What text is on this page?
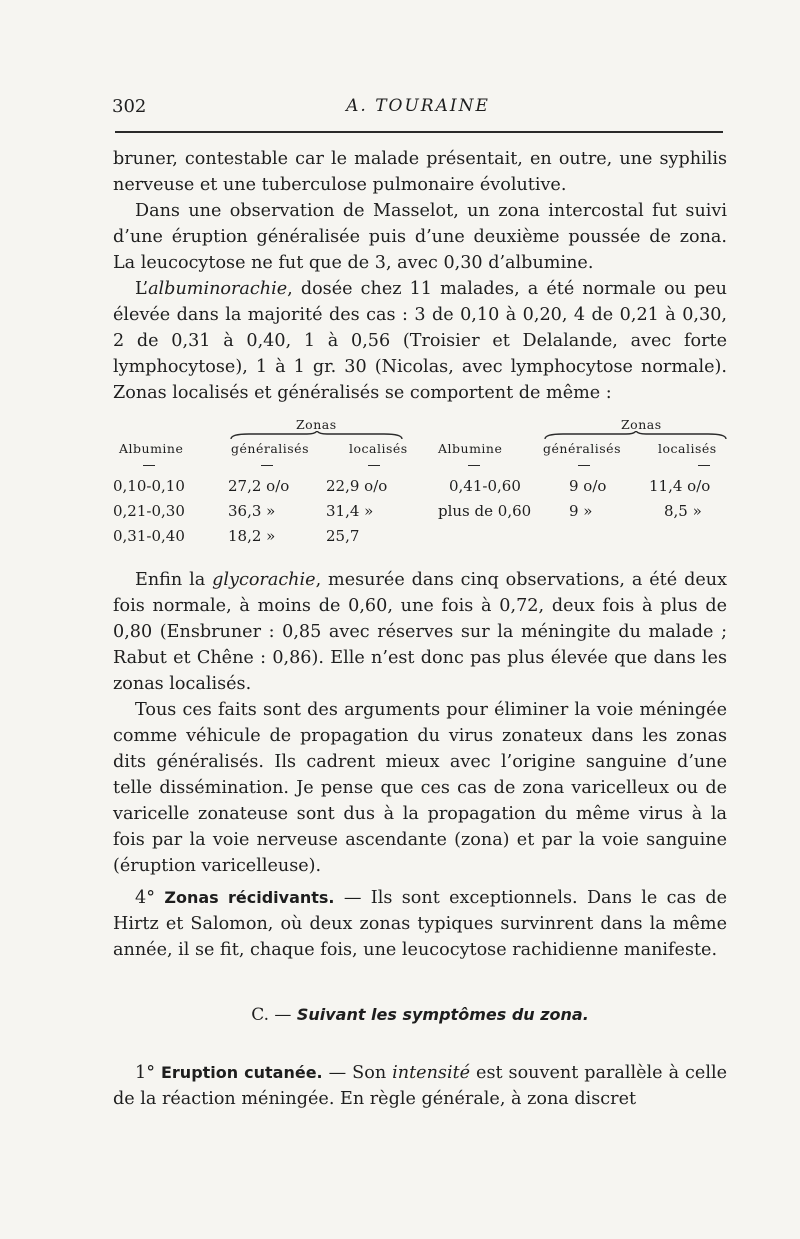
302	A. TOURAINE

bruner, contestable car le malade présentait, en outre, une syphilis nerveuse et une tuberculose pulmonaire évolutive.

Dans une observation de Masselot, un zona intercostal fut suivi d’une éruption généralisée puis d’une deuxième poussée de zona. La leucocytose ne fut que de 3, avec 0,30 d’albumine.

L’albuminorachie, dosée chez 11 malades, a été normale ou peu élevée dans la majorité des cas : 3 de 0,10 à 0,20, 4 de 0,21 à 0,30, 2 de 0,31 à 0,40, 1 à 0,56 (Troisier et Delalande, avec forte lymphocytose), 1 à 1 gr. 30 (Nicolas, avec lymphocytose normale). Zonas localisés et généralisés se comportent de même :

Zonas
Albumine	généralisés	localisés
0,10-0,10	27,2 o/o 22,9 o/o
0,21-0,30	36,3 »	31,4 »
0,31-0,40	18,2 »	25,7
Zonas
Albumine	généralisés	localisés
0,41-0,60	9 o/o	11,4 o/o
plus de 0,60	9 »	8,5 »

Enfin la glycorachie, mesurée dans cinq observations, a été deux fois normale, à moins de 0,60, une fois à 0,72, deux fois à plus de 0,80 (Ensbruner : 0,85 avec réserves sur la méningite du malade ; Rabut et Chêne : 0,86). Elle n’est donc pas plus élevée que dans les zonas localisés.

Tous ces faits sont des arguments pour éliminer la voie méningée comme véhicule de propagation du virus zonateux dans les zonas dits généralisés. Ils cadrent mieux avec l’origine sanguine d’une telle dissémination. Je pense que ces cas de zona varicelleux ou de varicelle zonateuse sont dus à la propagation du même virus à la fois par la voie nerveuse ascendante (zona) et par la voie sanguine (éruption varicelleuse).

4° Zonas récidivants. — Ils sont exceptionnels. Dans le cas de Hirtz et Salomon, où deux zonas typiques survinrent dans la même année, il se fit, chaque fois, une leucocytose rachidienne manifeste.

C. — Suivant les symptômes du zona.

1° Eruption cutanée. — Son intensité est souvent parallèle à celle de la réaction méningée. En règle générale, à zona discret
